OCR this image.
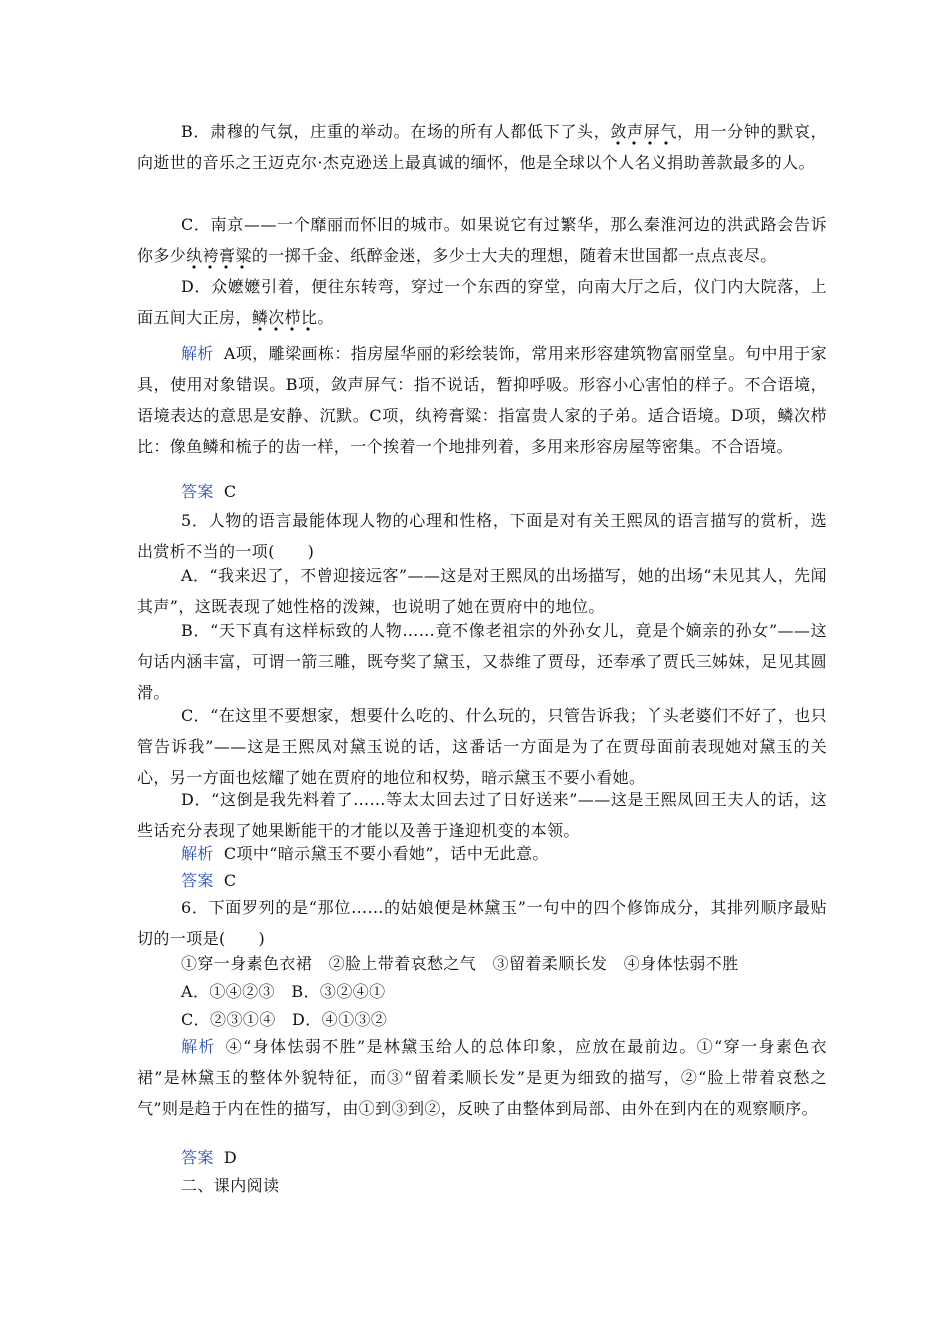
B．肃穆的气氛，庄重的举动。在场的所有人都低下了头，敛声屏气，用一分钟的默哀，向逝世的音乐之王迈克尔·杰克逊送上最真诚的缅怀，他是全球以个人名义捐助善款最多的人。

C．南京——一个靡丽而怀旧的城市。如果说它有过繁华，那么秦淮河边的洪武路会告诉你多少纨袴膏粱的一掷千金、纸醉金迷，多少士大夫的理想，随着末世国都一点点丧尽。

D．众嬷嬷引着，便往东转弯，穿过一个东西的穿堂，向南大厅之后，仪门内大院落，上面五间大正房，鳞次栉比。

解析 A项，雕梁画栋：指房屋华丽的彩绘装饰，常用来形容建筑物富丽堂皇。句中用于家具，使用对象错误。B项，敛声屏气：指不说话，暂抑呼吸。形容小心害怕的样子。不合语境，语境表达的意思是安静、沉默。C项，纨袴膏粱：指富贵人家的子弟。适合语境。D项，鳞次栉比：像鱼鳞和梳子的齿一样，一个挨着一个地排列着，多用来形容房屋等密集。不合语境。

答案 C

5．人物的语言最能体现人物的心理和性格，下面是对有关王熙凤的语言描写的赏析，选出赏析不当的一项(　　)

A．“我来迟了，不曾迎接远客”——这是对王熙凤的出场描写，她的出场“未见其人，先闻其声”，这既表现了她性格的泼辣，也说明了她在贾府中的地位。

B．“天下真有这样标致的人物……竟不像老祖宗的外孙女儿，竟是个嫡亲的孙女”——这句话内涵丰富，可谓一箭三雕，既夸奖了黛玉，又恭维了贾母，还奉承了贾氏三姊妹，足见其圆滑。

C．“在这里不要想家，想要什么吃的、什么玩的，只管告诉我；丫头老婆们不好了，也只管告诉我”——这是王熙凤对黛玉说的话，这番话一方面是为了在贾母面前表现她对黛玉的关心，另一方面也炫耀了她在贾府的地位和权势，暗示黛玉不要小看她。

D．“这倒是我先料着了……等太太回去过了日好送来”——这是王熙凤回王夫人的话，这些话充分表现了她果断能干的才能以及善于逢迎机变的本领。

解析 C项中“暗示黛玉不要小看她”，话中无此意。

答案 C

6．下面罗列的是“那位……的姑娘便是林黛玉”一句中的四个修饰成分，其排列顺序最贴切的一项是(　　)

①穿一身素色衣裙　②脸上带着哀愁之气　③留着柔顺长发　④身体怯弱不胜

A．①④②③　B．③②④①

C．②③①④　D．④①③②

解析 ④“身体怯弱不胜”是林黛玉给人的总体印象，应放在最前边。①“穿一身素色衣裙”是林黛玉的整体外貌特征，而③“留着柔顺长发”是更为细致的描写，②“脸上带着哀愁之气”则是趋于内在性的描写，由①到③到②，反映了由整体到局部、由外在到内在的观察顺序。

答案 D

二、课内阅读
